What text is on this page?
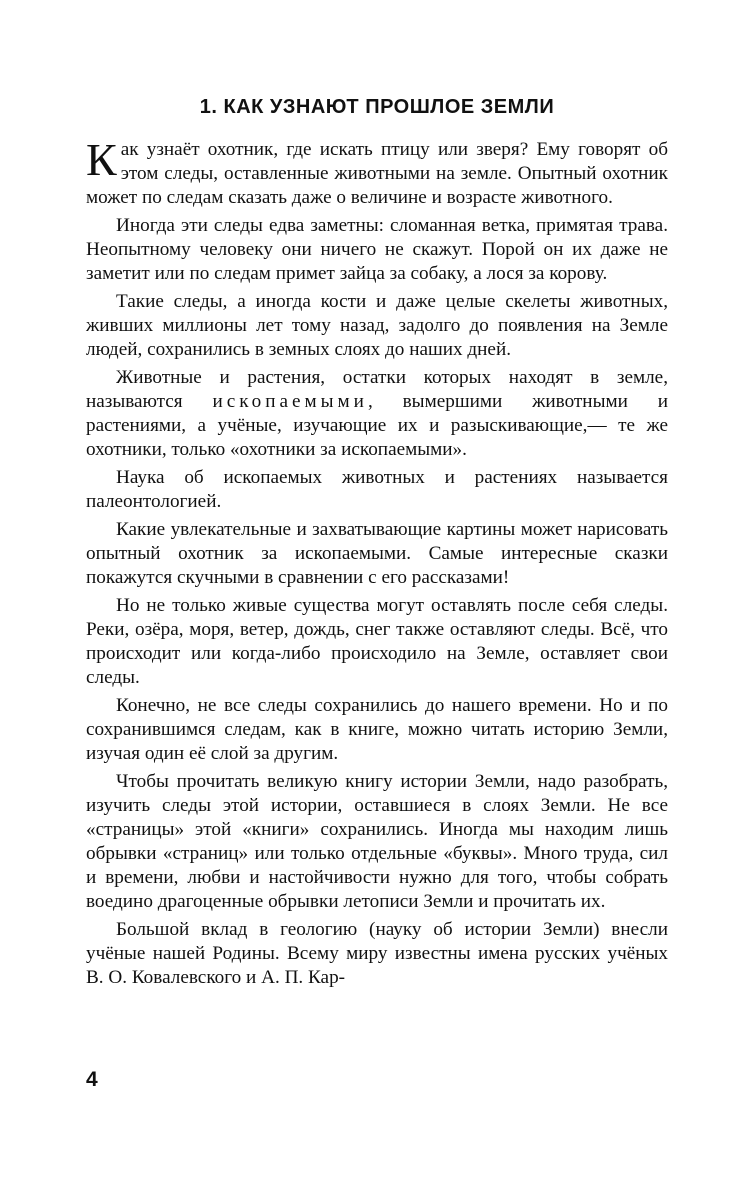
1. КАК УЗНАЮТ ПРОШЛОЕ ЗЕМЛИ

Как узнаёт охотник, где искать птицу или зверя? Ему говорят об этом следы, оставленные животными на земле. Опытный охотник может по следам сказать даже о величине и возрасте животного.

Иногда эти следы едва заметны: сломанная ветка, примятая трава. Неопытному человеку они ничего не скажут. Порой он их даже не заметит или по следам примет зайца за собаку, а лося за корову.

Такие следы, а иногда кости и даже целые скелеты животных, живших миллионы лет тому назад, задолго до появления на Земле людей, сохранились в земных слоях до наших дней.

Животные и растения, остатки которых находят в земле, называются ископаемыми, вымершими животными и растениями, а учёные, изучающие их и разыскивающие,— те же охотники, только «охотники за ископаемыми».

Наука об ископаемых животных и растениях называется палеонтологией.

Какие увлекательные и захватывающие картины может нарисовать опытный охотник за ископаемыми. Самые интересные сказки покажутся скучными в сравнении с его рассказами!

Но не только живые существа могут оставлять после себя следы. Реки, озёра, моря, ветер, дождь, снег также оставляют следы. Всё, что происходит или когда-либо происходило на Земле, оставляет свои следы.

Конечно, не все следы сохранились до нашего времени. Но и по сохранившимся следам, как в книге, можно читать историю Земли, изучая один её слой за другим.

Чтобы прочитать великую книгу истории Земли, надо разобрать, изучить следы этой истории, оставшиеся в слоях Земли. Не все «страницы» этой «книги» сохранились. Иногда мы находим лишь обрывки «страниц» или только отдельные «буквы». Много труда, сил и времени, любви и настойчивости нужно для того, чтобы собрать воедино драгоценные обрывки летописи Земли и прочитать их.

Большой вклад в геологию (науку об истории Земли) внесли учёные нашей Родины. Всему миру известны имена русских учёных В. О. Ковалевского и А. П. Кар-

4
